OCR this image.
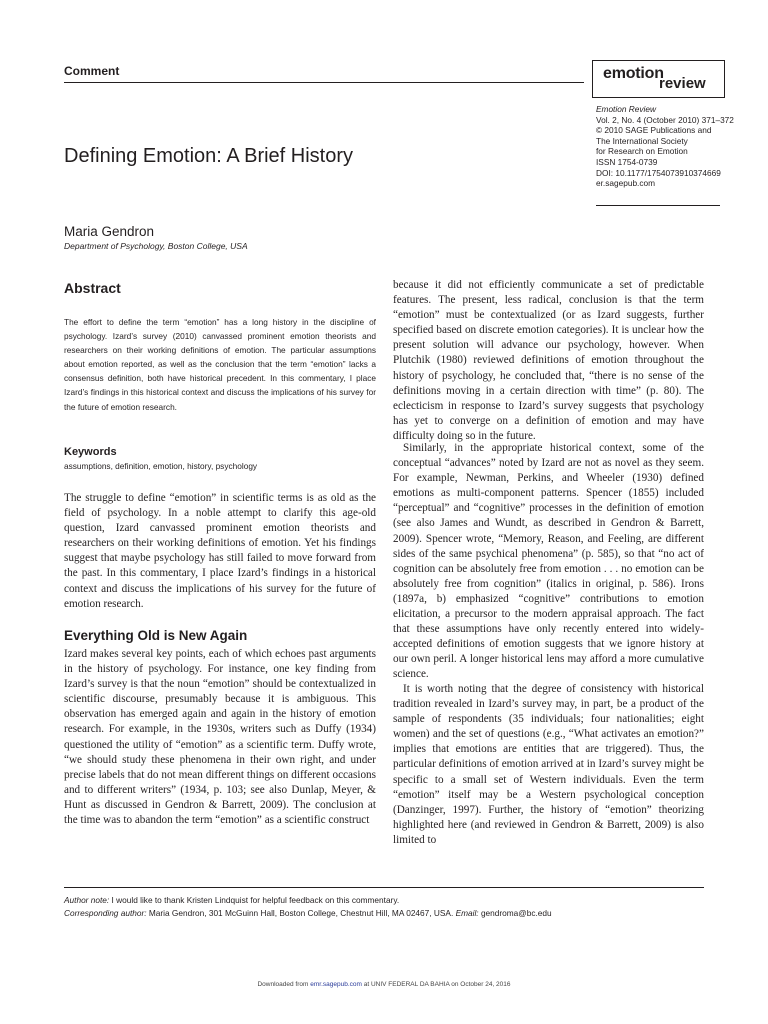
Comment	emotion
review
Emotion Review
Vol. 2, No. 4 (October 2010) 371–372
© 2010 SAGE Publications and
The International Society
for Research on Emotion
ISSN 1754-0739
DOI: 10.1177/1754073910374669
er.sagepub.com
Defining Emotion: A Brief History
Maria Gendron
Department of Psychology, Boston College, USA
Abstract
The effort to define the term “emotion” has a long history in the discipline of psychology. Izard’s survey (2010) canvassed prominent emotion theorists and researchers on their working definitions of emotion. The particular assumptions about emotion reported, as well as the conclusion that the term “emotion” lacks a consensus definition, both have historical precedent. In this commentary, I place Izard’s findings in this historical context and discuss the implications of his survey for the future of emotion research.
Keywords
assumptions, definition, emotion, history, psychology

The struggle to define “emotion” in scientific terms is as old as the field of psychology. In a noble attempt to clarify this age-old question, Izard canvassed prominent emotion theorists and researchers on their working definitions of emotion. Yet his findings suggest that maybe psychology has still failed to move forward from the past. In this commentary, I place Izard’s findings in a historical context and discuss the implications of his survey for the future of emotion research.

Everything Old is New Again

Izard makes several key points, each of which echoes past arguments in the history of psychology. For instance, one key finding from Izard’s survey is that the noun “emotion” should be contextualized in scientific discourse, presumably because it is ambiguous. This observation has emerged again and again in the history of emotion research. For example, in the 1930s, writers such as Duffy (1934) questioned the utility of “emotion” as a scientific term. Duffy wrote, “we should study these phenomena in their own right, and under precise labels that do not mean different things on different occasions and to different writers” (1934, p. 103; see also Dunlap, Meyer, & Hunt as discussed in Gendron & Barrett, 2009). The conclusion at the time was to abandon the term “emotion” as a scientific construct

because it did not efficiently communicate a set of predictable features. The present, less radical, conclusion is that the term “emotion” must be contextualized (or as Izard suggests, further specified based on discrete emotion categories). It is unclear how the present solution will advance our psychology, however. When Plutchik (1980) reviewed definitions of emotion throughout the history of psychology, he concluded that, “there is no sense of the definitions moving in a certain direction with time” (p. 80). The eclecticism in response to Izard’s survey suggests that psychology has yet to converge on a definition of emotion and may have difficulty doing so in the future.

Similarly, in the appropriate historical context, some of the conceptual “advances” noted by Izard are not as novel as they seem. For example, Newman, Perkins, and Wheeler (1930) defined emotions as multi-component patterns. Spencer (1855) included “perceptual” and “cognitive” processes in the definition of emotion (see also James and Wundt, as described in Gendron & Barrett, 2009). Spencer wrote, “Memory, Reason, and Feeling, are different sides of the same psychical phenomena” (p. 585), so that “no act of cognition can be absolutely free from emotion . . . no emotion can be absolutely free from cognition” (italics in original, p. 586). Irons (1897a, b) emphasized “cognitive” contributions to emotion elicitation, a precursor to the modern appraisal approach. The fact that these assumptions have only recently entered into widely-accepted definitions of emotion suggests that we ignore history at our own peril. A longer historical lens may afford a more cumulative science.

It is worth noting that the degree of consistency with historical tradition revealed in Izard’s survey may, in part, be a product of the sample of respondents (35 individuals; four nationalities; eight women) and the set of questions (e.g., “What activates an emotion?” implies that emotions are entities that are triggered). Thus, the particular definitions of emotion arrived at in Izard’s survey might be specific to a small set of Western individuals. Even the term “emotion” itself may be a Western psychological conception (Danzinger, 1997). Further, the history of “emotion” theorizing highlighted here (and reviewed in Gendron & Barrett, 2009) is also limited to

Author note: I would like to thank Kristen Lindquist for helpful feedback on this commentary.
Corresponding author: Maria Gendron, 301 McGuinn Hall, Boston College, Chestnut Hill, MA 02467, USA. Email: gendroma@bc.edu
Downloaded from emr.sagepub.com at UNIV FEDERAL DA BAHIA on October 24, 2016
